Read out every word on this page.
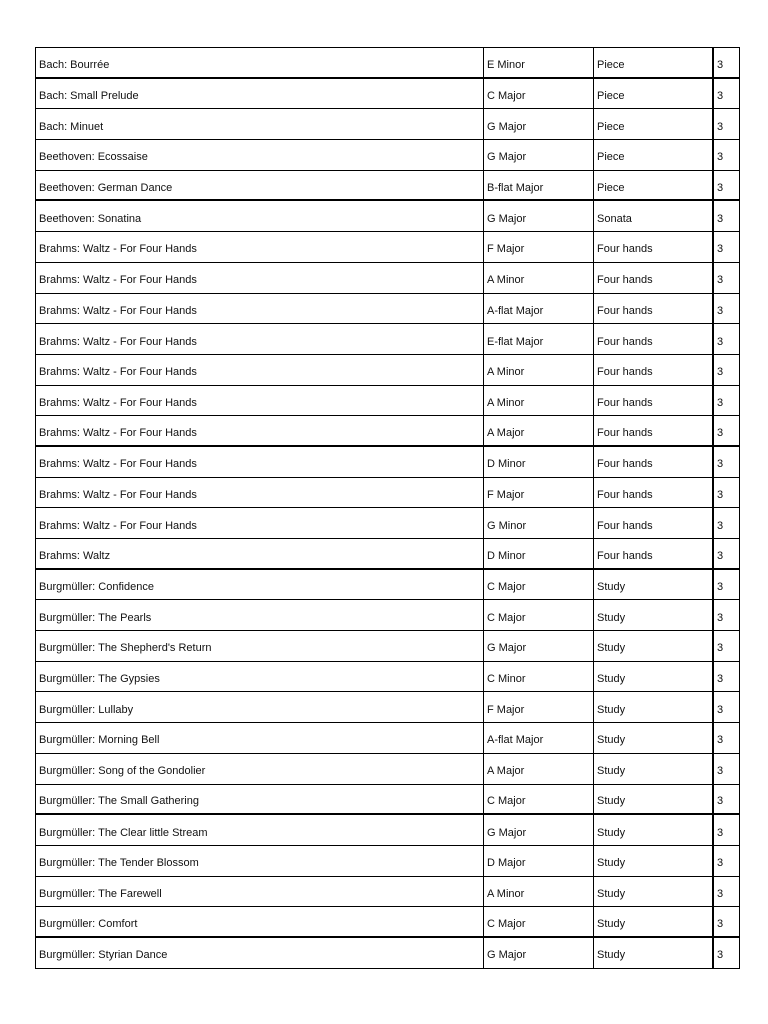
Bach: Bourrée	E Minor	Piece	3
Bach: Small Prelude	C Major	Piece	3
Bach: Minuet	G Major	Piece	3
Beethoven: Ecossaise	G Major	Piece	3
Beethoven: German Dance	B-flat Major	Piece	3
Beethoven: Sonatina	G Major	Sonata	3
Brahms: Waltz - For Four Hands	F Major	Four hands	3
Brahms: Waltz - For Four Hands	A Minor	Four hands	3
Brahms: Waltz - For Four Hands	A-flat Major	Four hands	3
Brahms: Waltz - For Four Hands	E-flat Major	Four hands	3
Brahms: Waltz - For Four Hands	A Minor	Four hands	3
Brahms: Waltz - For Four Hands	A Minor	Four hands	3
Brahms: Waltz - For Four Hands	A Major	Four hands	3
Brahms: Waltz - For Four Hands	D Minor	Four hands	3
Brahms: Waltz - For Four Hands	F Major	Four hands	3
Brahms: Waltz - For Four Hands	G Minor	Four hands	3
Brahms: Waltz	D Minor	Four hands	3
Burgmüller: Confidence	C Major	Study	3
Burgmüller: The Pearls	C Major	Study	3
Burgmüller: The Shepherd's Return	G Major	Study	3
Burgmüller: The Gypsies	C Minor	Study	3
Burgmüller: Lullaby	F Major	Study	3
Burgmüller: Morning Bell	A-flat Major	Study	3
Burgmüller: Song of the Gondolier	A Major	Study	3
Burgmüller: The Small Gathering	C Major	Study	3
Burgmüller: The Clear little Stream	G Major	Study	3
Burgmüller: The Tender Blossom	D Major	Study	3
Burgmüller: The Farewell	A Minor	Study	3
Burgmüller: Comfort	C Major	Study	3
Burgmüller: Styrian Dance	G Major	Study	3
